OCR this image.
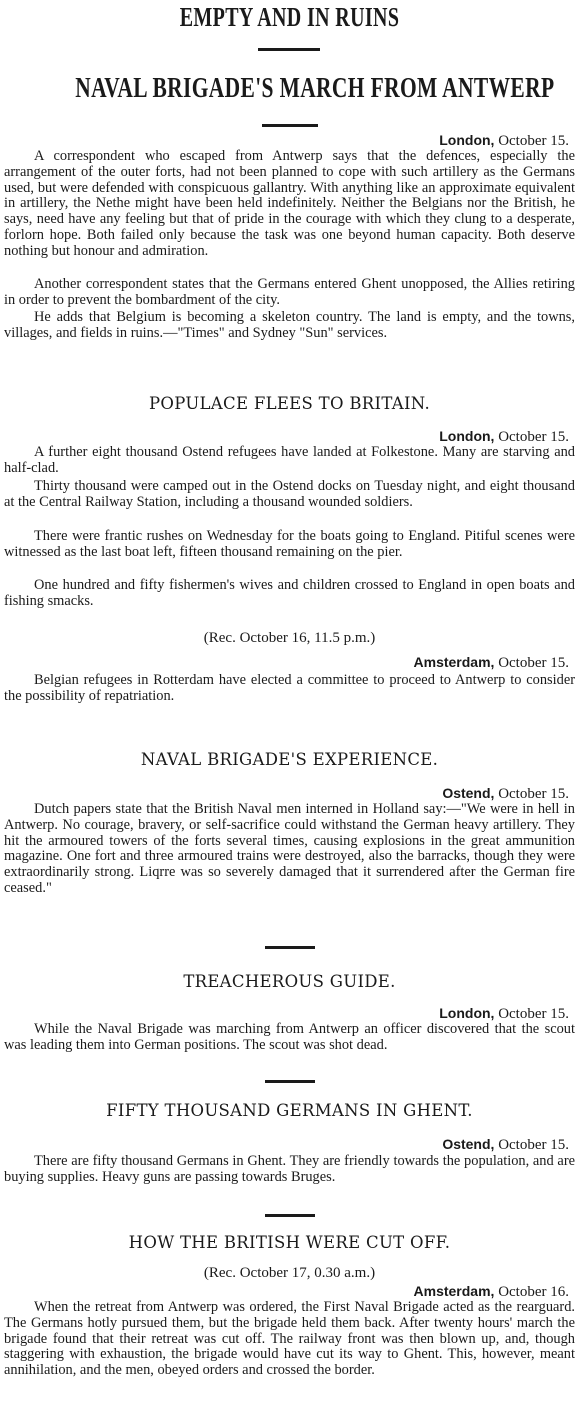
EMPTY AND IN RUINS
NAVAL BRIGADE'S MARCH FROM ANTWERP
London, October 15.

A correspondent who escaped from Antwerp says that the defences, especially the arrangement of the outer forts, had not been planned to cope with such artillery as the Germans used, but were defended with conspicuous gallantry. With anything like an approximate equivalent in artillery, the Nethe might have been held indefinitely. Neither the Belgians nor the British, he says, need have any feeling but that of pride in the courage with which they clung to a desperate, forlorn hope. Both failed only because the task was one beyond human capacity. Both deserve nothing but honour and admiration.

Another correspondent states that the Germans entered Ghent unopposed, the Allies retiring in order to prevent the bombardment of the city.

He adds that Belgium is becoming a skeleton country. The land is empty, and the towns, villages, and fields in ruins.—"Times" and Sydney "Sun" services.

POPULACE FLEES TO BRITAIN.
London, October 15.

A further eight thousand Ostend refugees have landed at Folkestone. Many are starving and half-clad.

Thirty thousand were camped out in the Ostend docks on Tuesday night, and eight thousand at the Central Railway Station, including a thousand wounded soldiers.

There were frantic rushes on Wednesday for the boats going to England. Pitiful scenes were witnessed as the last boat left, fifteen thousand remaining on the pier.

One hundred and fifty fishermen's wives and children crossed to England in open boats and fishing smacks.

(Rec. October 16, 11.5 p.m.)
Amsterdam, October 15.

Belgian refugees in Rotterdam have elected a committee to proceed to Antwerp to consider the possibility of repatriation.

NAVAL BRIGADE'S EXPERIENCE.
Ostend, October 15.

Dutch papers state that the British Naval men interned in Holland say:—"We were in hell in Antwerp. No courage, bravery, or self-sacrifice could withstand the German heavy artillery. They hit the armoured towers of the forts several times, causing explosions in the great ammunition magazine. One fort and three armoured trains were destroyed, also the barracks, though they were extraordinarily strong. Liqrre was so severely damaged that it surrendered after the German fire ceased."

TREACHEROUS GUIDE.
London, October 15.

While the Naval Brigade was marching from Antwerp an officer discovered that the scout was leading them into German positions. The scout was shot dead.

FIFTY THOUSAND GERMANS IN GHENT.
Ostend, October 15.

There are fifty thousand Germans in Ghent. They are friendly towards the population, and are buying supplies. Heavy guns are passing towards Bruges.

HOW THE BRITISH WERE CUT OFF.
(Rec. October 17, 0.30 a.m.)
Amsterdam, October 16.

When the retreat from Antwerp was ordered, the First Naval Brigade acted as the rearguard. The Germans hotly pursued them, but the brigade held them back. After twenty hours' march the brigade found that their retreat was cut off. The railway front was then blown up, and, though staggering with exhaustion, the brigade would have cut its way to Ghent. This, however, meant annihilation, and the men, obeyed orders and crossed the border.
